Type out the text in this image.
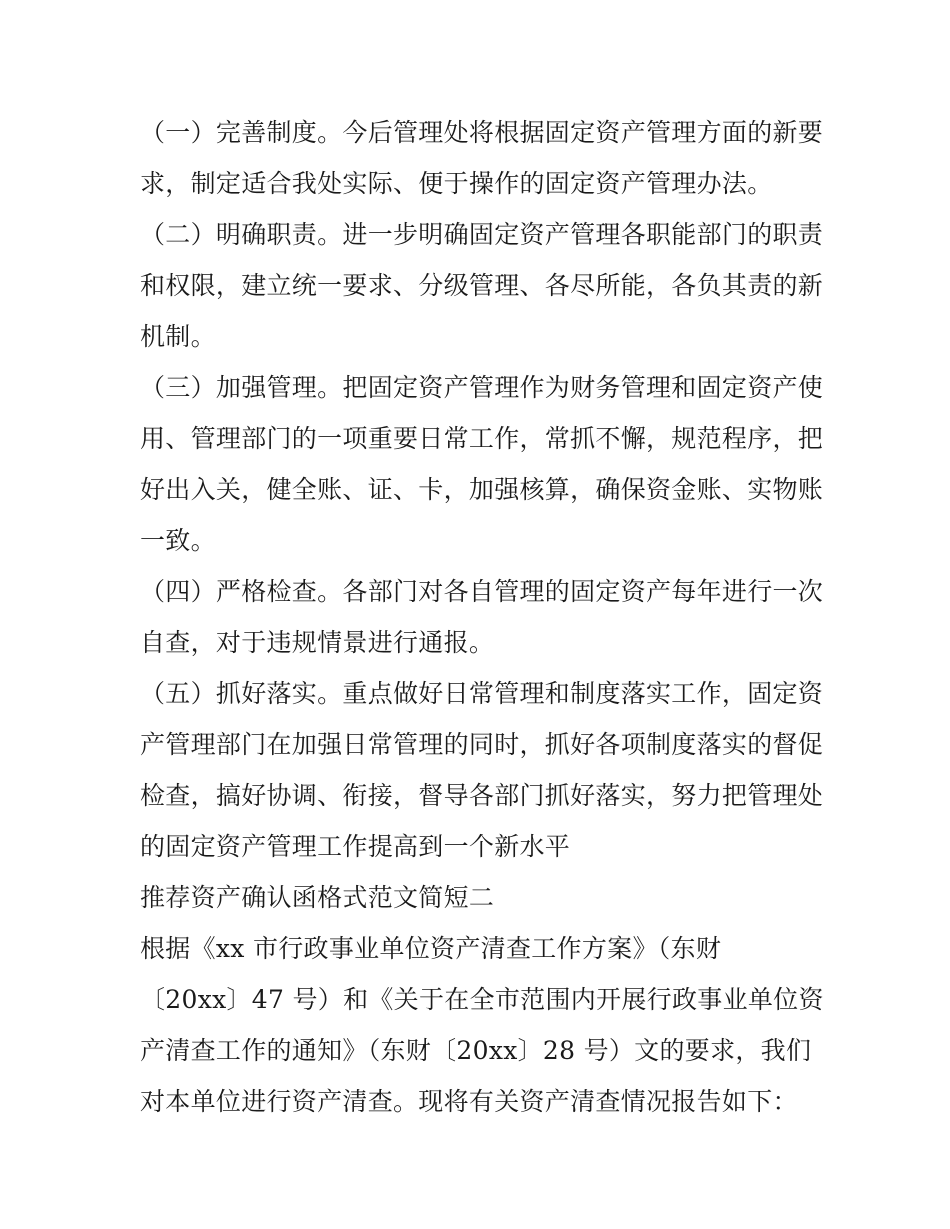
（一）完善制度。今后管理处将根据固定资产管理方面的新要
求，制定适合我处实际、便于操作的固定资产管理办法。
（二）明确职责。进一步明确固定资产管理各职能部门的职责
和权限，建立统一要求、分级管理、各尽所能，各负其责的新
机制。
（三）加强管理。把固定资产管理作为财务管理和固定资产使
用、管理部门的一项重要日常工作，常抓不懈，规范程序，把
好出入关，健全账、证、卡，加强核算，确保资金账、实物账
一致。
（四）严格检查。各部门对各自管理的固定资产每年进行一次
自查，对于违规情景进行通报。
（五）抓好落实。重点做好日常管理和制度落实工作，固定资
产管理部门在加强日常管理的同时，抓好各项制度落实的督促
检查，搞好协调、衔接，督导各部门抓好落实，努力把管理处
的固定资产管理工作提高到一个新水平
推荐资产确认函格式范文简短二
根据《xx 市行政事业单位资产清查工作方案》（东财
〔20xx〕47 号）和《关于在全市范围内开展行政事业单位资
产清查工作的通知》（东财〔20xx〕28 号）文的要求，我们
对本单位进行资产清查。现将有关资产清查情况报告如下：
